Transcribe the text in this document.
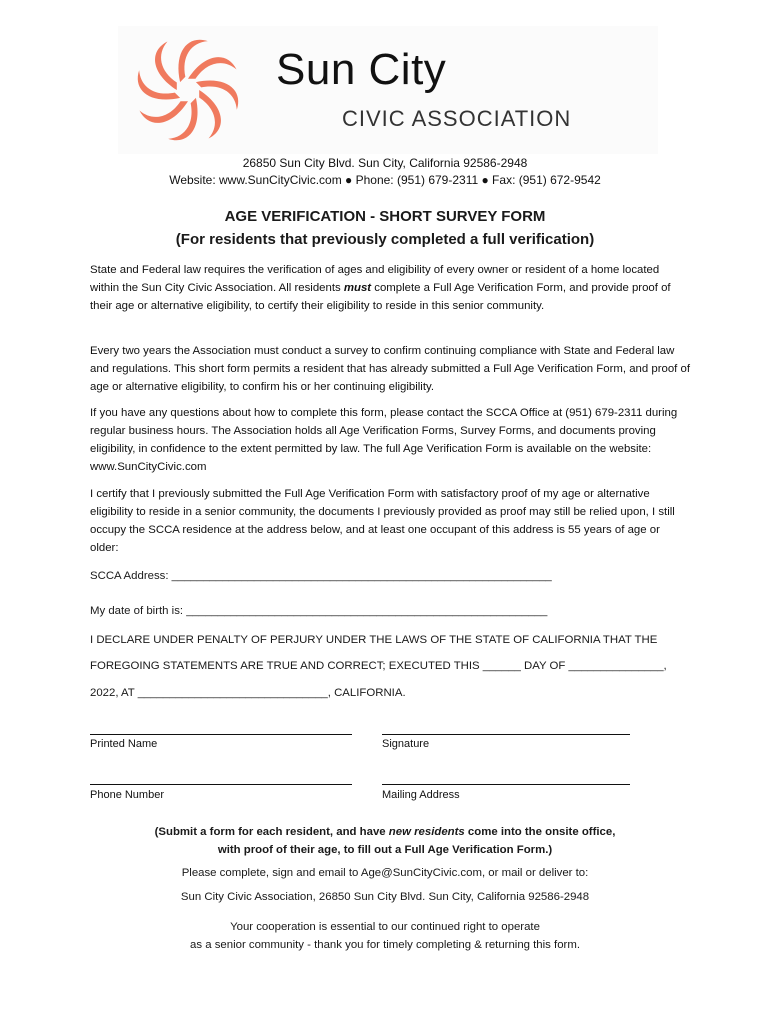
Sun City
CIVIC ASSOCIATION
26850 Sun City Blvd. Sun City, California 92586-2948
Website: www.SunCityCivic.com ● Phone: (951) 679-2311 ● Fax: (951) 672-9542
AGE VERIFICATION - SHORT SURVEY FORM
(For residents that previously completed a full verification)
State and Federal law requires the verification of ages and eligibility of every owner or resident of a home located within the Sun City Civic Association. All residents must complete a Full Age Verification Form, and provide proof of their age or alternative eligibility, to certify their eligibility to reside in this senior community.
Every two years the Association must conduct a survey to confirm continuing compliance with State and Federal law and regulations. This short form permits a resident that has already submitted a Full Age Verification Form, and proof of age or alternative eligibility, to confirm his or her continuing eligibility.
If you have any questions about how to complete this form, please contact the SCCA Office at (951) 679-2311 during regular business hours. The Association holds all Age Verification Forms, Survey Forms, and documents proving eligibility, in confidence to the extent permitted by law. The full Age Verification Form is available on the website: www.SunCityCivic.com
I certify that I previously submitted the Full Age Verification Form with satisfactory proof of my age or alternative eligibility to reside in a senior community, the documents I previously provided as proof may still be relied upon, I still occupy the SCCA residence at the address below, and at least one occupant of this address is 55 years of age or older:
SCCA Address: ____________________________________________________________
My date of birth is: _________________________________________________________
I DECLARE UNDER PENALTY OF PERJURY UNDER THE LAWS OF THE STATE OF CALIFORNIA THAT THE
FOREGOING STATEMENTS ARE TRUE AND CORRECT; EXECUTED THIS ______ DAY OF _______________,
2022, AT ______________________________, CALIFORNIA.
Printed Name	Signature
Phone Number	Mailing Address
(Submit a form for each resident, and have new residents come into the onsite office,
with proof of their age, to fill out a Full Age Verification Form.)
Please complete, sign and email to Age@SunCityCivic.com, or mail or deliver to:
Sun City Civic Association, 26850 Sun City Blvd. Sun City, California 92586-2948
Your cooperation is essential to our continued right to operate
as a senior community - thank you for timely completing & returning this form.
